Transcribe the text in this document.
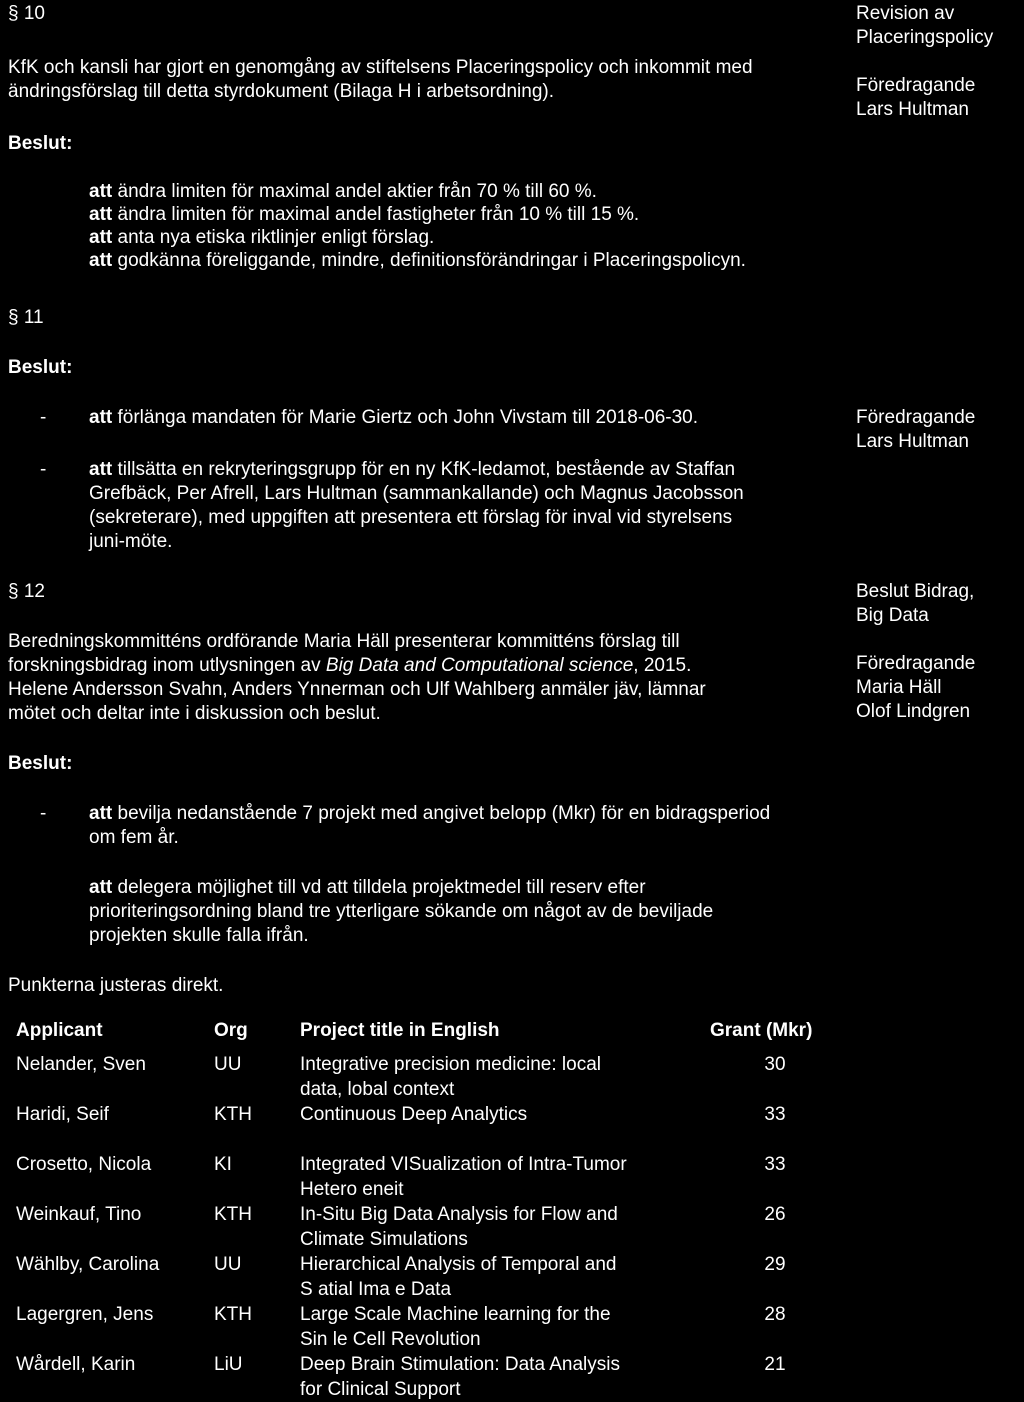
§ 10	Revision av
Placeringspolicy

Föredragande
Lars Hultman
KfK och kansli har gjort en genomgång av stiftelsens Placeringspolicy och inkommit med
ändringsförslag till detta styrdokument (Bilaga H i arbetsordning).
Beslut:
att ändra limiten för maximal andel aktier från 70 % till 60 %.
att ändra limiten för maximal andel fastigheter från 10 % till 15 %.
att anta nya etiska riktlinjer enligt förslag.
att godkänna föreliggande, mindre, definitionsförändringar i Placeringspolicyn.
§ 11
Beslut:
- att förlänga mandaten för Marie Giertz och John Vivstam till 2018-06-30.	Föredragande
Lars Hultman
- att tillsätta en rekryteringsgrupp för en ny KfK-ledamot, bestående av Staffan
Grefbäck, Per Afrell, Lars Hultman (sammankallande) och Magnus Jacobsson
(sekreterare), med uppgiften att presentera ett förslag för inval vid styrelsens
juni-möte.
§ 12	Beslut Bidrag,
Big Data

Föredragande
Maria Häll
Olof Lindgren
Beredningskommitténs ordförande Maria Häll presenterar kommitténs förslag till
forskningsbidrag inom utlysningen av Big Data and Computational science, 2015.
Helene Andersson Svahn, Anders Ynnerman och Ulf Wahlberg anmäler jäv, lämnar
mötet och deltar inte i diskussion och beslut.
Beslut:
- att bevilja nedanstående 7 projekt med angivet belopp (Mkr) för en bidragsperiod
om fem år.
att delegera möjlighet till vd att tilldela projektmedel till reserv efter
prioriteringsordning bland tre ytterligare sökande om något av de beviljade
projekten skulle falla ifrån.
Punkterna justeras direkt.
Applicant	Org	Project title in English	Grant (Mkr)
Nelander, Sven	UU	Integrative precision medicine: local
data, lobal context	30
Haridi, Seif	KTH	Continuous Deep Analytics	33
Crosetto, Nicola	KI	Integrated VISualization of Intra-Tumor
Hetero eneit	33
Weinkauf, Tino	KTH	In-Situ Big Data Analysis for Flow and
Climate Simulations	26
Wählby, Carolina	UU	Hierarchical Analysis of Temporal and
S atial Ima e Data	29
Lagergren, Jens	KTH	Large Scale Machine learning for the
Sin le Cell Revolution	28
Wårdell, Karin	LiU	Deep Brain Stimulation: Data Analysis
for Clinical Support	21
